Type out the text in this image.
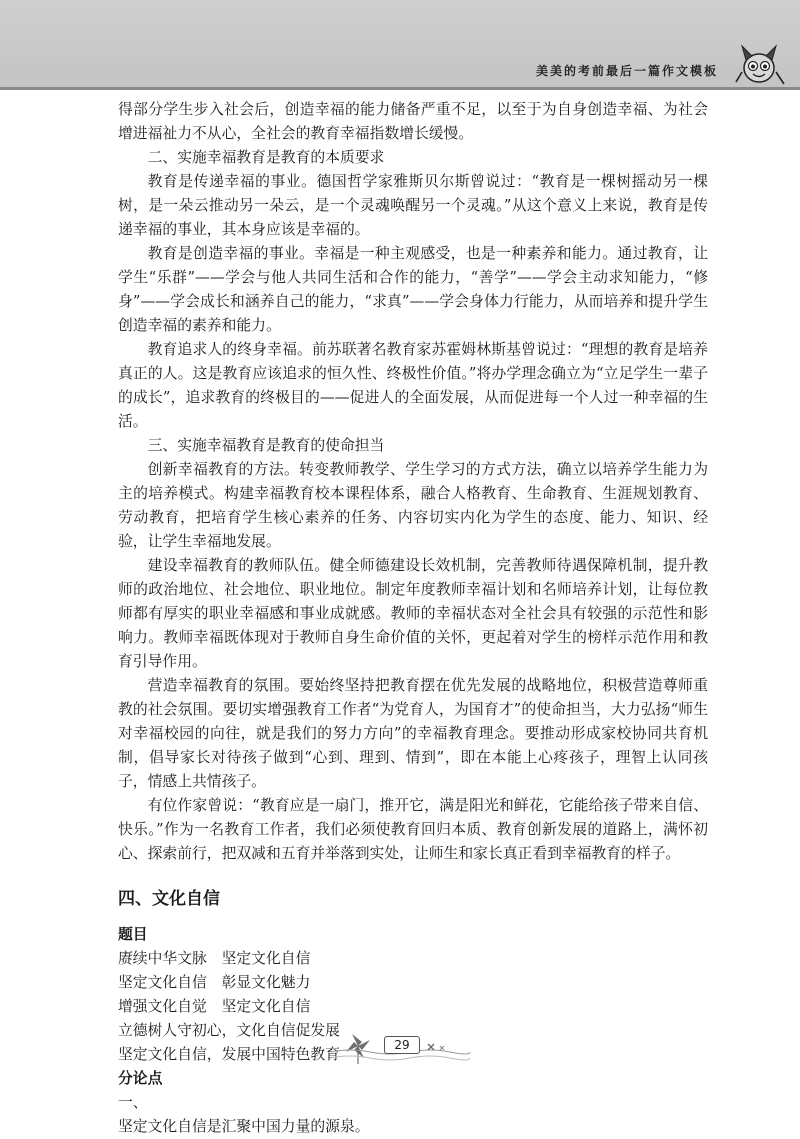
美美的考前最后一篇作文模板

得部分学生步入社会后，创造幸福的能力储备严重不足，以至于为自身创造幸福、为社会增进福祉力不从心，全社会的教育幸福指数增长缓慢。

二、实施幸福教育是教育的本质要求

教育是传递幸福的事业。德国哲学家雅斯贝尔斯曾说过：“教育是一棵树摇动另一棵树，是一朵云推动另一朵云，是一个灵魂唤醒另一个灵魂。”从这个意义上来说，教育是传递幸福的事业，其本身应该是幸福的。

教育是创造幸福的事业。幸福是一种主观感受，也是一种素养和能力。通过教育，让学生“乐群”——学会与他人共同生活和合作的能力，“善学”——学会主动求知能力，“修身”——学会成长和涵养自己的能力，“求真”——学会身体力行能力，从而培养和提升学生创造幸福的素养和能力。

教育追求人的终身幸福。前苏联著名教育家苏霍姆林斯基曾说过：“理想的教育是培养真正的人。这是教育应该追求的恒久性、终极性价值。”将办学理念确立为“立足学生一辈子的成长”，追求教育的终极目的——促进人的全面发展，从而促进每一个人过一种幸福的生活。

三、实施幸福教育是教育的使命担当

创新幸福教育的方法。转变教师教学、学生学习的方式方法，确立以培养学生能力为主的培养模式。构建幸福教育校本课程体系，融合人格教育、生命教育、生涯规划教育、劳动教育，把培育学生核心素养的任务、内容切实内化为学生的态度、能力、知识、经验，让学生幸福地发展。

建设幸福教育的教师队伍。健全师德建设长效机制，完善教师待遇保障机制，提升教师的政治地位、社会地位、职业地位。制定年度教师幸福计划和名师培养计划，让每位教师都有厚实的职业幸福感和事业成就感。教师的幸福状态对全社会具有较强的示范性和影响力。教师幸福既体现对于教师自身生命价值的关怀，更起着对学生的榜样示范作用和教育引导作用。

营造幸福教育的氛围。要始终坚持把教育摆在优先发展的战略地位，积极营造尊师重教的社会氛围。要切实增强教育工作者“为党育人，为国育才”的使命担当，大力弘扬“师生对幸福校园的向往，就是我们的努力方向”的幸福教育理念。要推动形成家校协同共育机制，倡导家长对待孩子做到“心到、理到、情到”，即在本能上心疼孩子，理智上认同孩子，情感上共情孩子。

有位作家曾说：“教育应是一扇门，推开它，满是阳光和鲜花，它能给孩子带来自信、快乐。”作为一名教育工作者，我们必须使教育回归本质、教育创新发展的道路上，满怀初心、探索前行，把双减和五育并举落到实处，让师生和家长真正看到幸福教育的样子。

四、文化自信
题目
赓续中华文脉　坚定文化自信
坚定文化自信　彰显文化魅力
增强文化自觉　坚定文化自信
立德树人守初心，文化自信促发展
坚定文化自信，发展中国特色教育
分论点
一、
坚定文化自信是汇聚中国力量的源泉。
29
